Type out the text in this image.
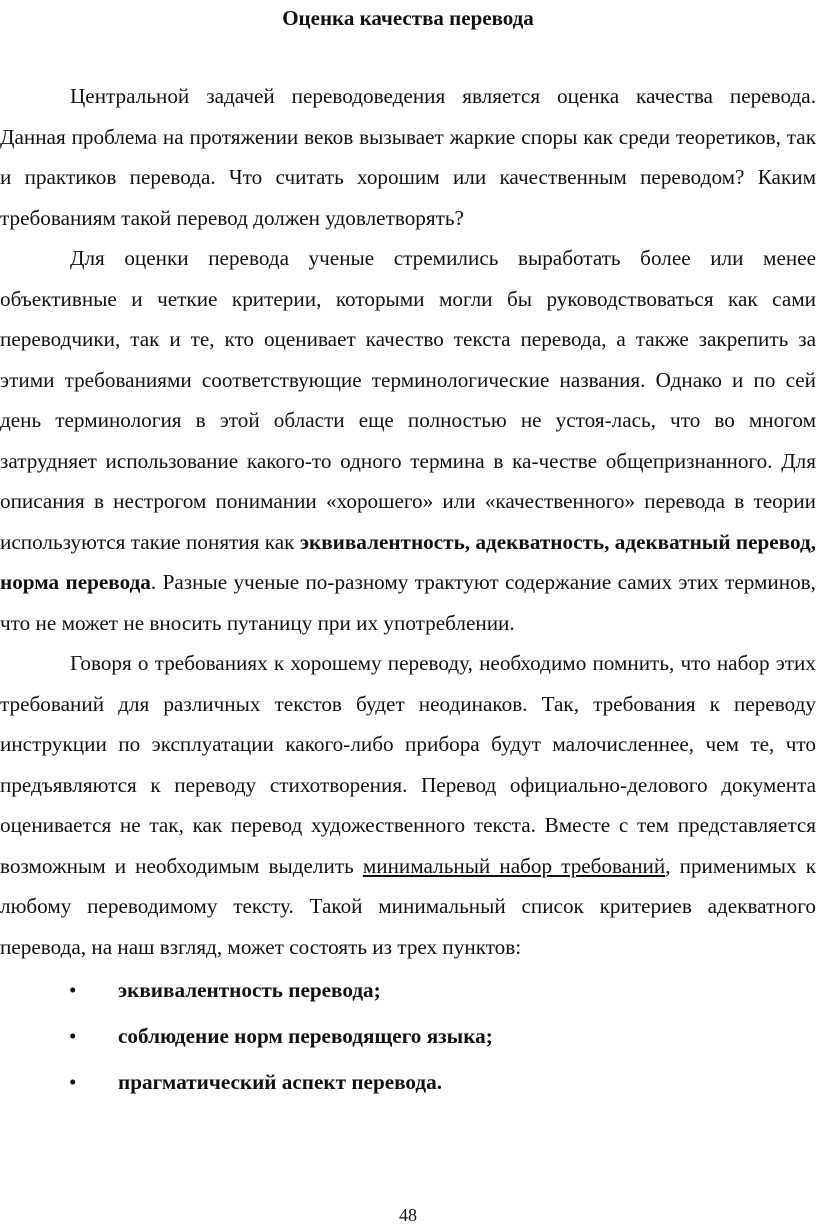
Оценка качества перевода

Центральной задачей переводоведения является оценка качества перевода. Данная проблема на протяжении веков вызывает жаркие споры как среди теоретиков, так и практиков перевода. Что считать хорошим или качественным переводом? Каким требованиям такой перевод должен удовлетворять?

Для оценки перевода ученые стремились выработать более или менее объективные и четкие критерии, которыми могли бы руководствоваться как сами переводчики, так и те, кто оценивает качество текста перевода, а также закрепить за этими требованиями соответствующие терминологические названия. Однако и по сей день терминология в этой области еще полностью не устоя-лась, что во многом затрудняет использование какого-то одного термина в ка-честве общепризнанного. Для описания в нестрогом понимании «хорошего» или «качественного» перевода в теории используются такие понятия как эквивалентность, адекватность, адекватный перевод, норма перевода. Разные ученые по-разному трактуют содержание самих этих терминов, что не может не вносить путаницу при их употреблении.

Говоря о требованиях к хорошему переводу, необходимо помнить, что набор этих требований для различных текстов будет неодинаков. Так, требования к переводу инструкции по эксплуатации какого-либо прибора будут малочисленнее, чем те, что предъявляются к переводу стихотворения. Перевод официально-делового документа оценивается не так, как перевод художественного текста. Вместе с тем представляется возможным и необходимым выделить минимальный набор требований, применимых к любому переводимому тексту. Такой минимальный список критериев адекватного перевода, на наш взгляд, может состоять из трех пунктов:

• эквивалентность перевода;
• соблюдение норм переводящего языка;
• прагматический аспект перевода.
48
